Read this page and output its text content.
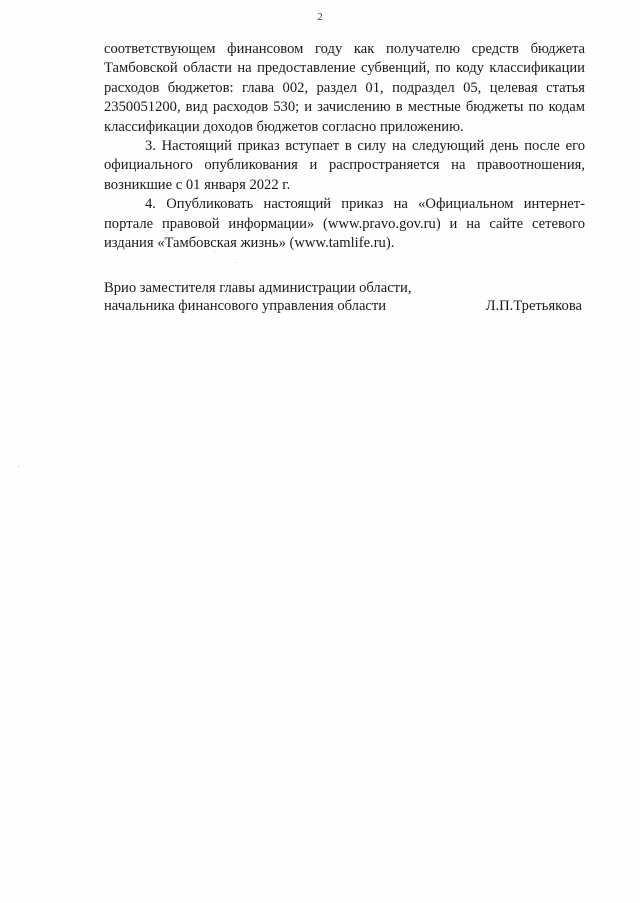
2

соответствующем финансовом году как получателю средств бюджета Тамбовской области на предоставление субвенций, по коду классификации расходов бюджетов: глава 002, раздел 01, подраздел 05, целевая статья 2350051200, вид расходов 530; и зачислению в местные бюджеты по кодам классификации доходов бюджетов согласно приложению.

3. Настоящий приказ вступает в силу на следующий день после его официального опубликования и распространяется на правоотношения, возникшие с 01 января 2022 г.

4. Опубликовать настоящий приказ на «Официальном интернет-портале правовой информации» (www.pravo.gov.ru) и на сайте сетевого издания «Тамбовская жизнь» (www.tamlife.ru).

Врио заместителя главы администрации области,
начальника финансового управления области	Л.П.Третьякова
